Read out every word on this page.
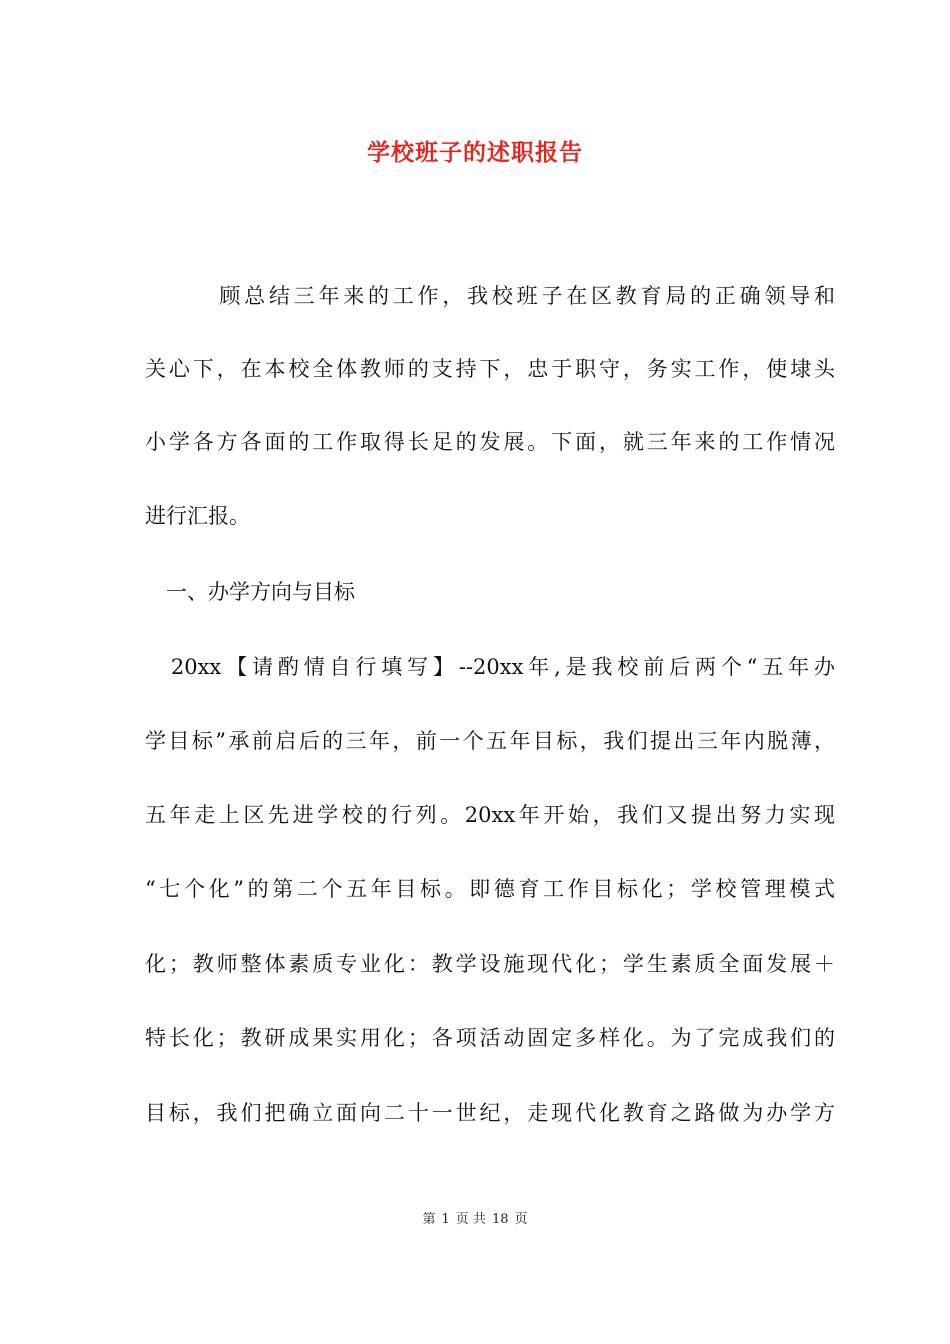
学校班子的述职报告
　　　顾总结三年来的工作，我校班子在区教育局的正确领导和
关心下，在本校全体教师的支持下，忠于职守，务实工作，使埭头
小学各方各面的工作取得长足的发展。下面，就三年来的工作情况
进行汇报。
　一、办学方向与目标
　20xx【请酌情自行填写】--20xx年,是我校前后两个“五年办
学目标”承前启后的三年，前一个五年目标，我们提出三年内脱薄，
五年走上区先进学校的行列。20xx年开始，我们又提出努力实现
“七个化”的第二个五年目标。即德育工作目标化；学校管理模式
化；教师整体素质专业化：教学设施现代化；学生素质全面发展＋
特长化；教研成果实用化；各项活动固定多样化。为了完成我们的
目标，我们把确立面向二十一世纪，走现代化教育之路做为办学方
第 1 页 共 18 页
